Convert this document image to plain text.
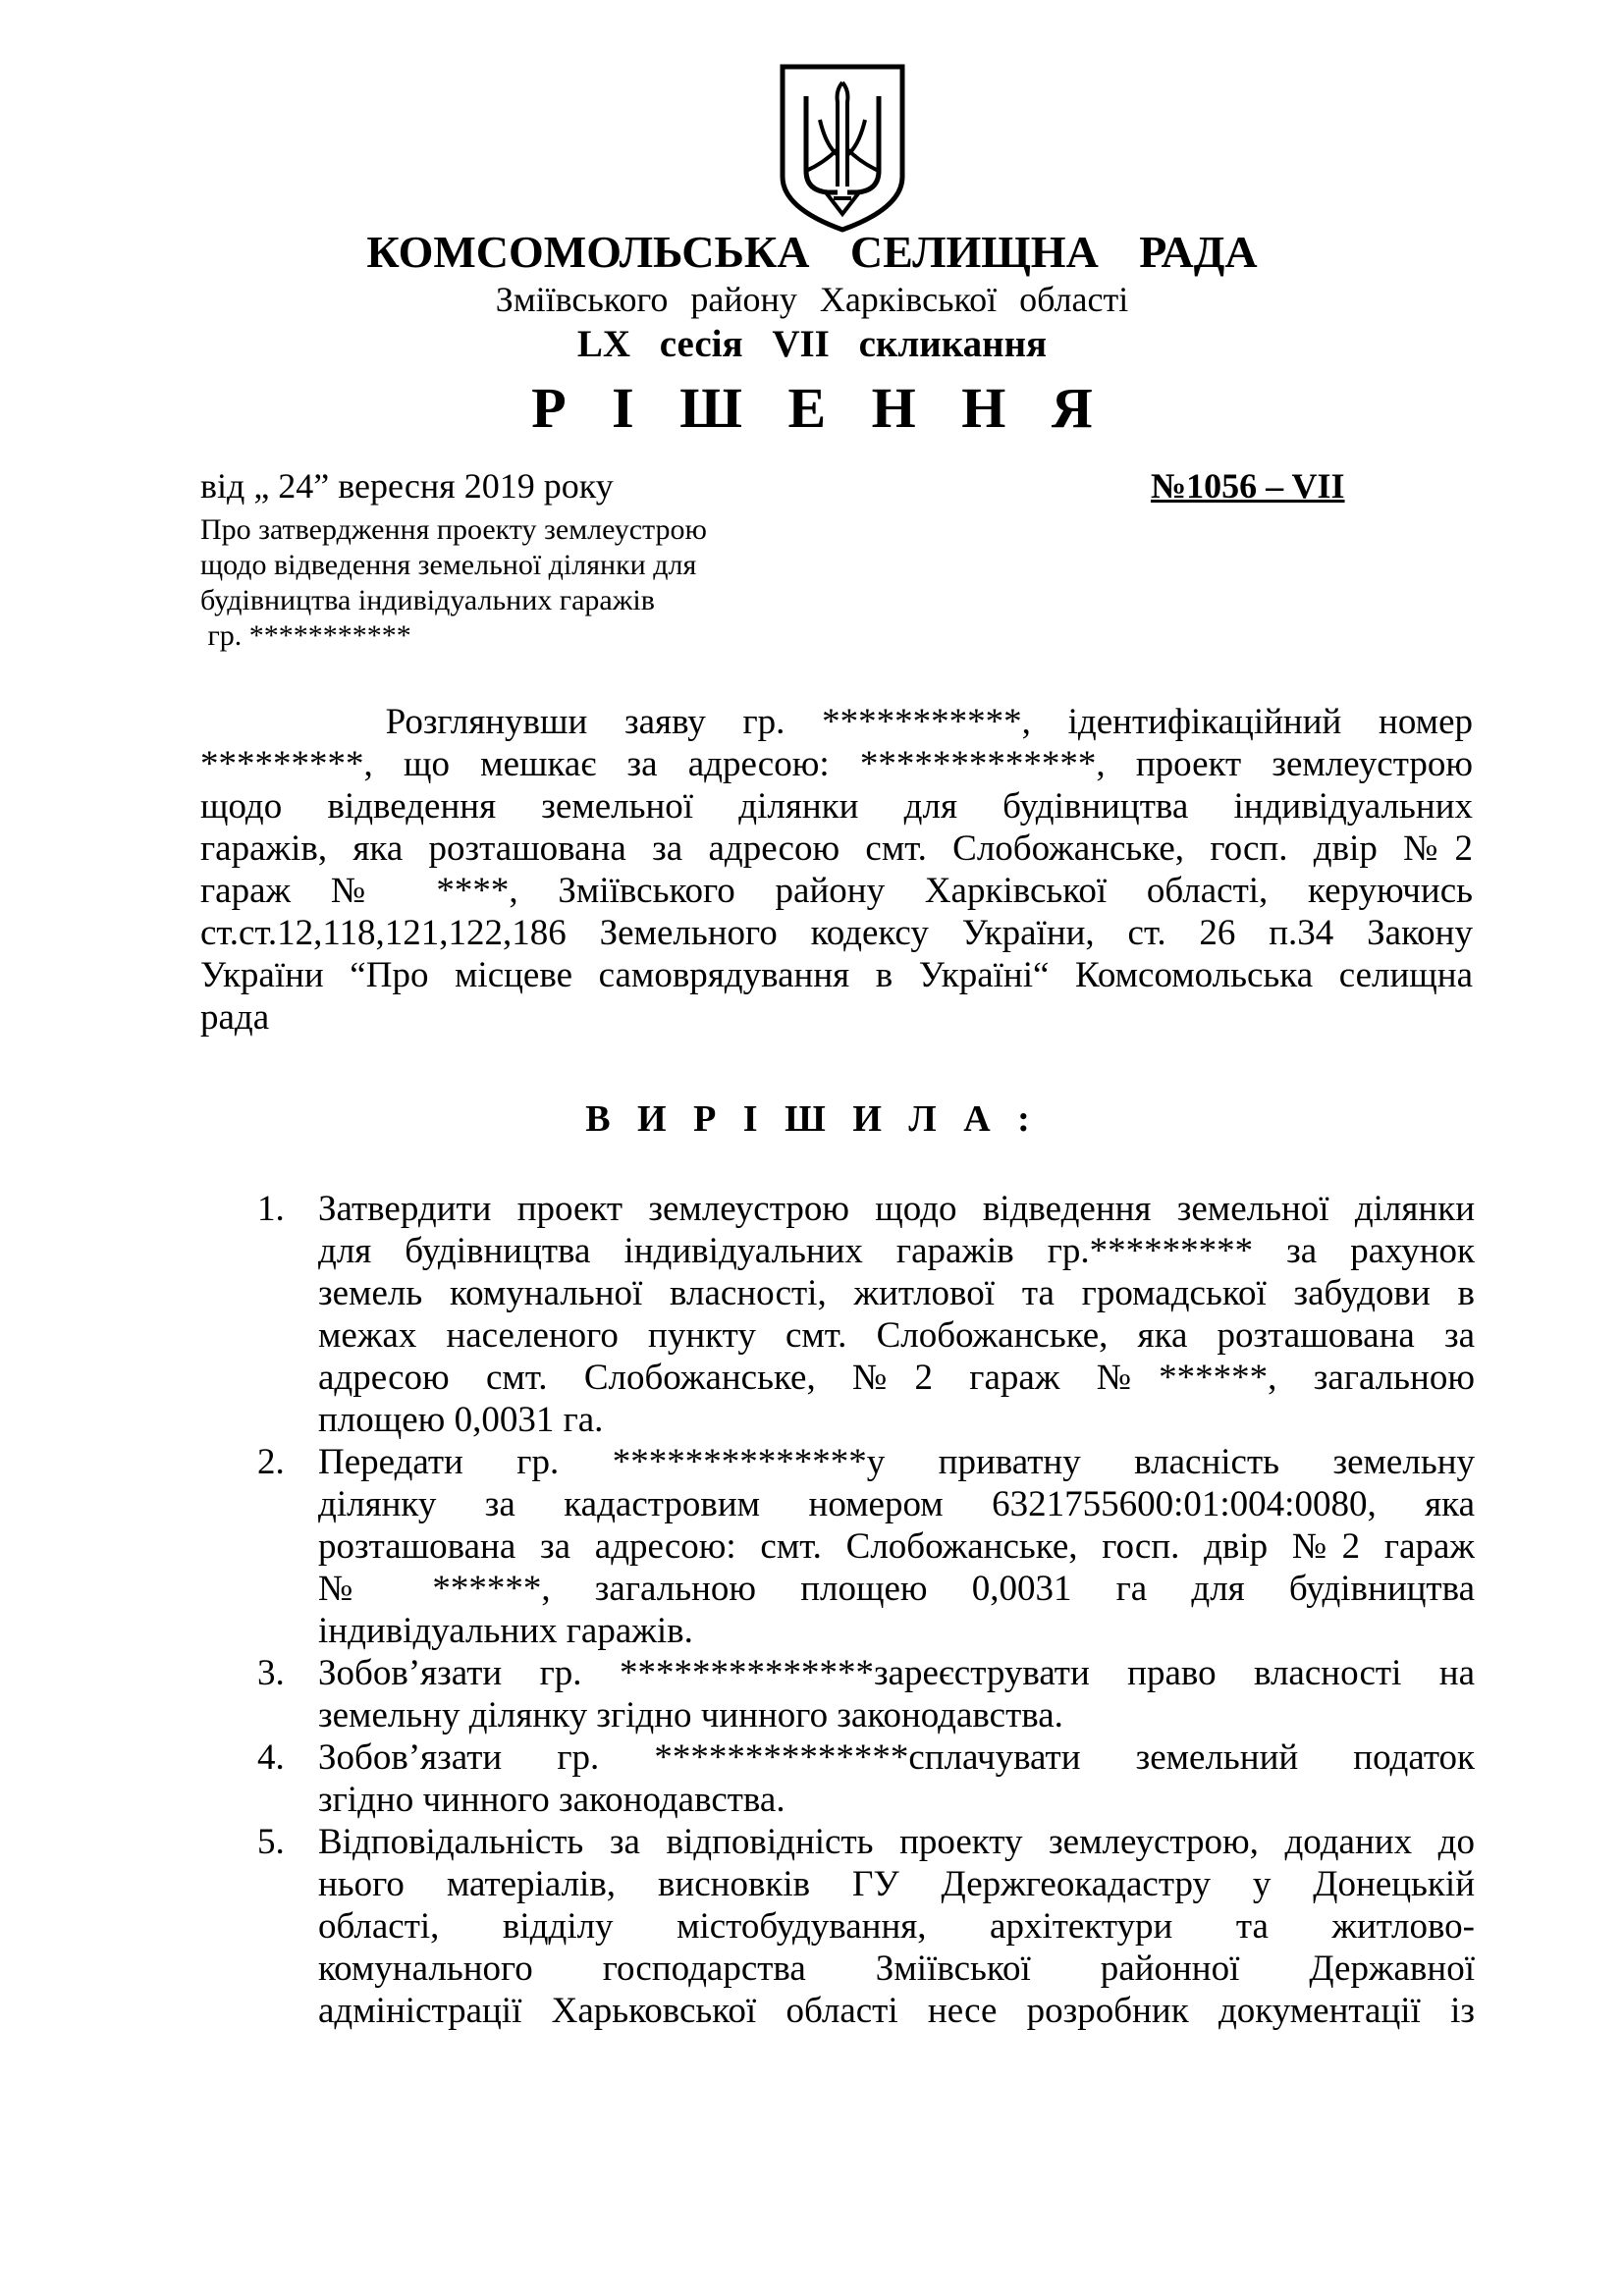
КОМСОМОЛЬСЬКА СЕЛИЩНА РАДА
Зміївського району Харківської області
LX сесія VII скликання
Р І Ш Е Н Н Я
від „ 24” вересня 2019 року	№1056 – VII
Про затвердження проекту землеустрою
щодо відведення земельної ділянки для
будівництва індивідуальних гаражів
гр. ***********
Розглянувши заяву гр. ***********, ідентифікаційний номер
*********, що мешкає за адресою: *************, проект землеустрою
щодо відведення земельної ділянки для будівництва індивідуальних
гаражів, яка розташована за адресою смт. Слобожанське, госп. двір №2
гараж № ****, Зміївського району Харківської області, керуючись
ст.ст.12,118,121,122,186 Земельного кодексу України, ст. 26 п.34 Закону
України “Про місцеве самоврядування в Україні“ Комсомольська селищна
рада
В И Р І Ш И Л А :
1. Затвердити проект землеустрою щодо відведення земельної ділянки
для будівництва індивідуальних гаражів гр.********* за рахунок
земель комунальної власності, житлової та громадської забудови в
межах населеного пункту смт. Слобожанське, яка розташована за
адресою смт. Слобожанське, №2 гараж №******, загальною
площею 0,0031 га.
2. Передати гр. **************у приватну власність земельну
ділянку за кадастровим номером 6321755600:01:004:0080, яка
розташована за адресою: смт. Слобожанське, госп. двір №2 гараж
№ ******, загальною площею 0,0031 га для будівництва
індивідуальних гаражів.
3. Зобов’язати гр. **************зареєструвати право власності на
земельну ділянку згідно чинного законодавства.
4. Зобов’язати гр. **************сплачувати земельний податок
згідно чинного законодавства.
5. Відповідальність за відповідність проекту землеустрою, доданих до
нього матеріалів, висновків ГУ Держгеокадастру у Донецькій
області, відділу містобудування, архітектури та житлово-
комунального господарства Зміївської районної Державної
адміністрації Харьковської області несе розробник документації із
